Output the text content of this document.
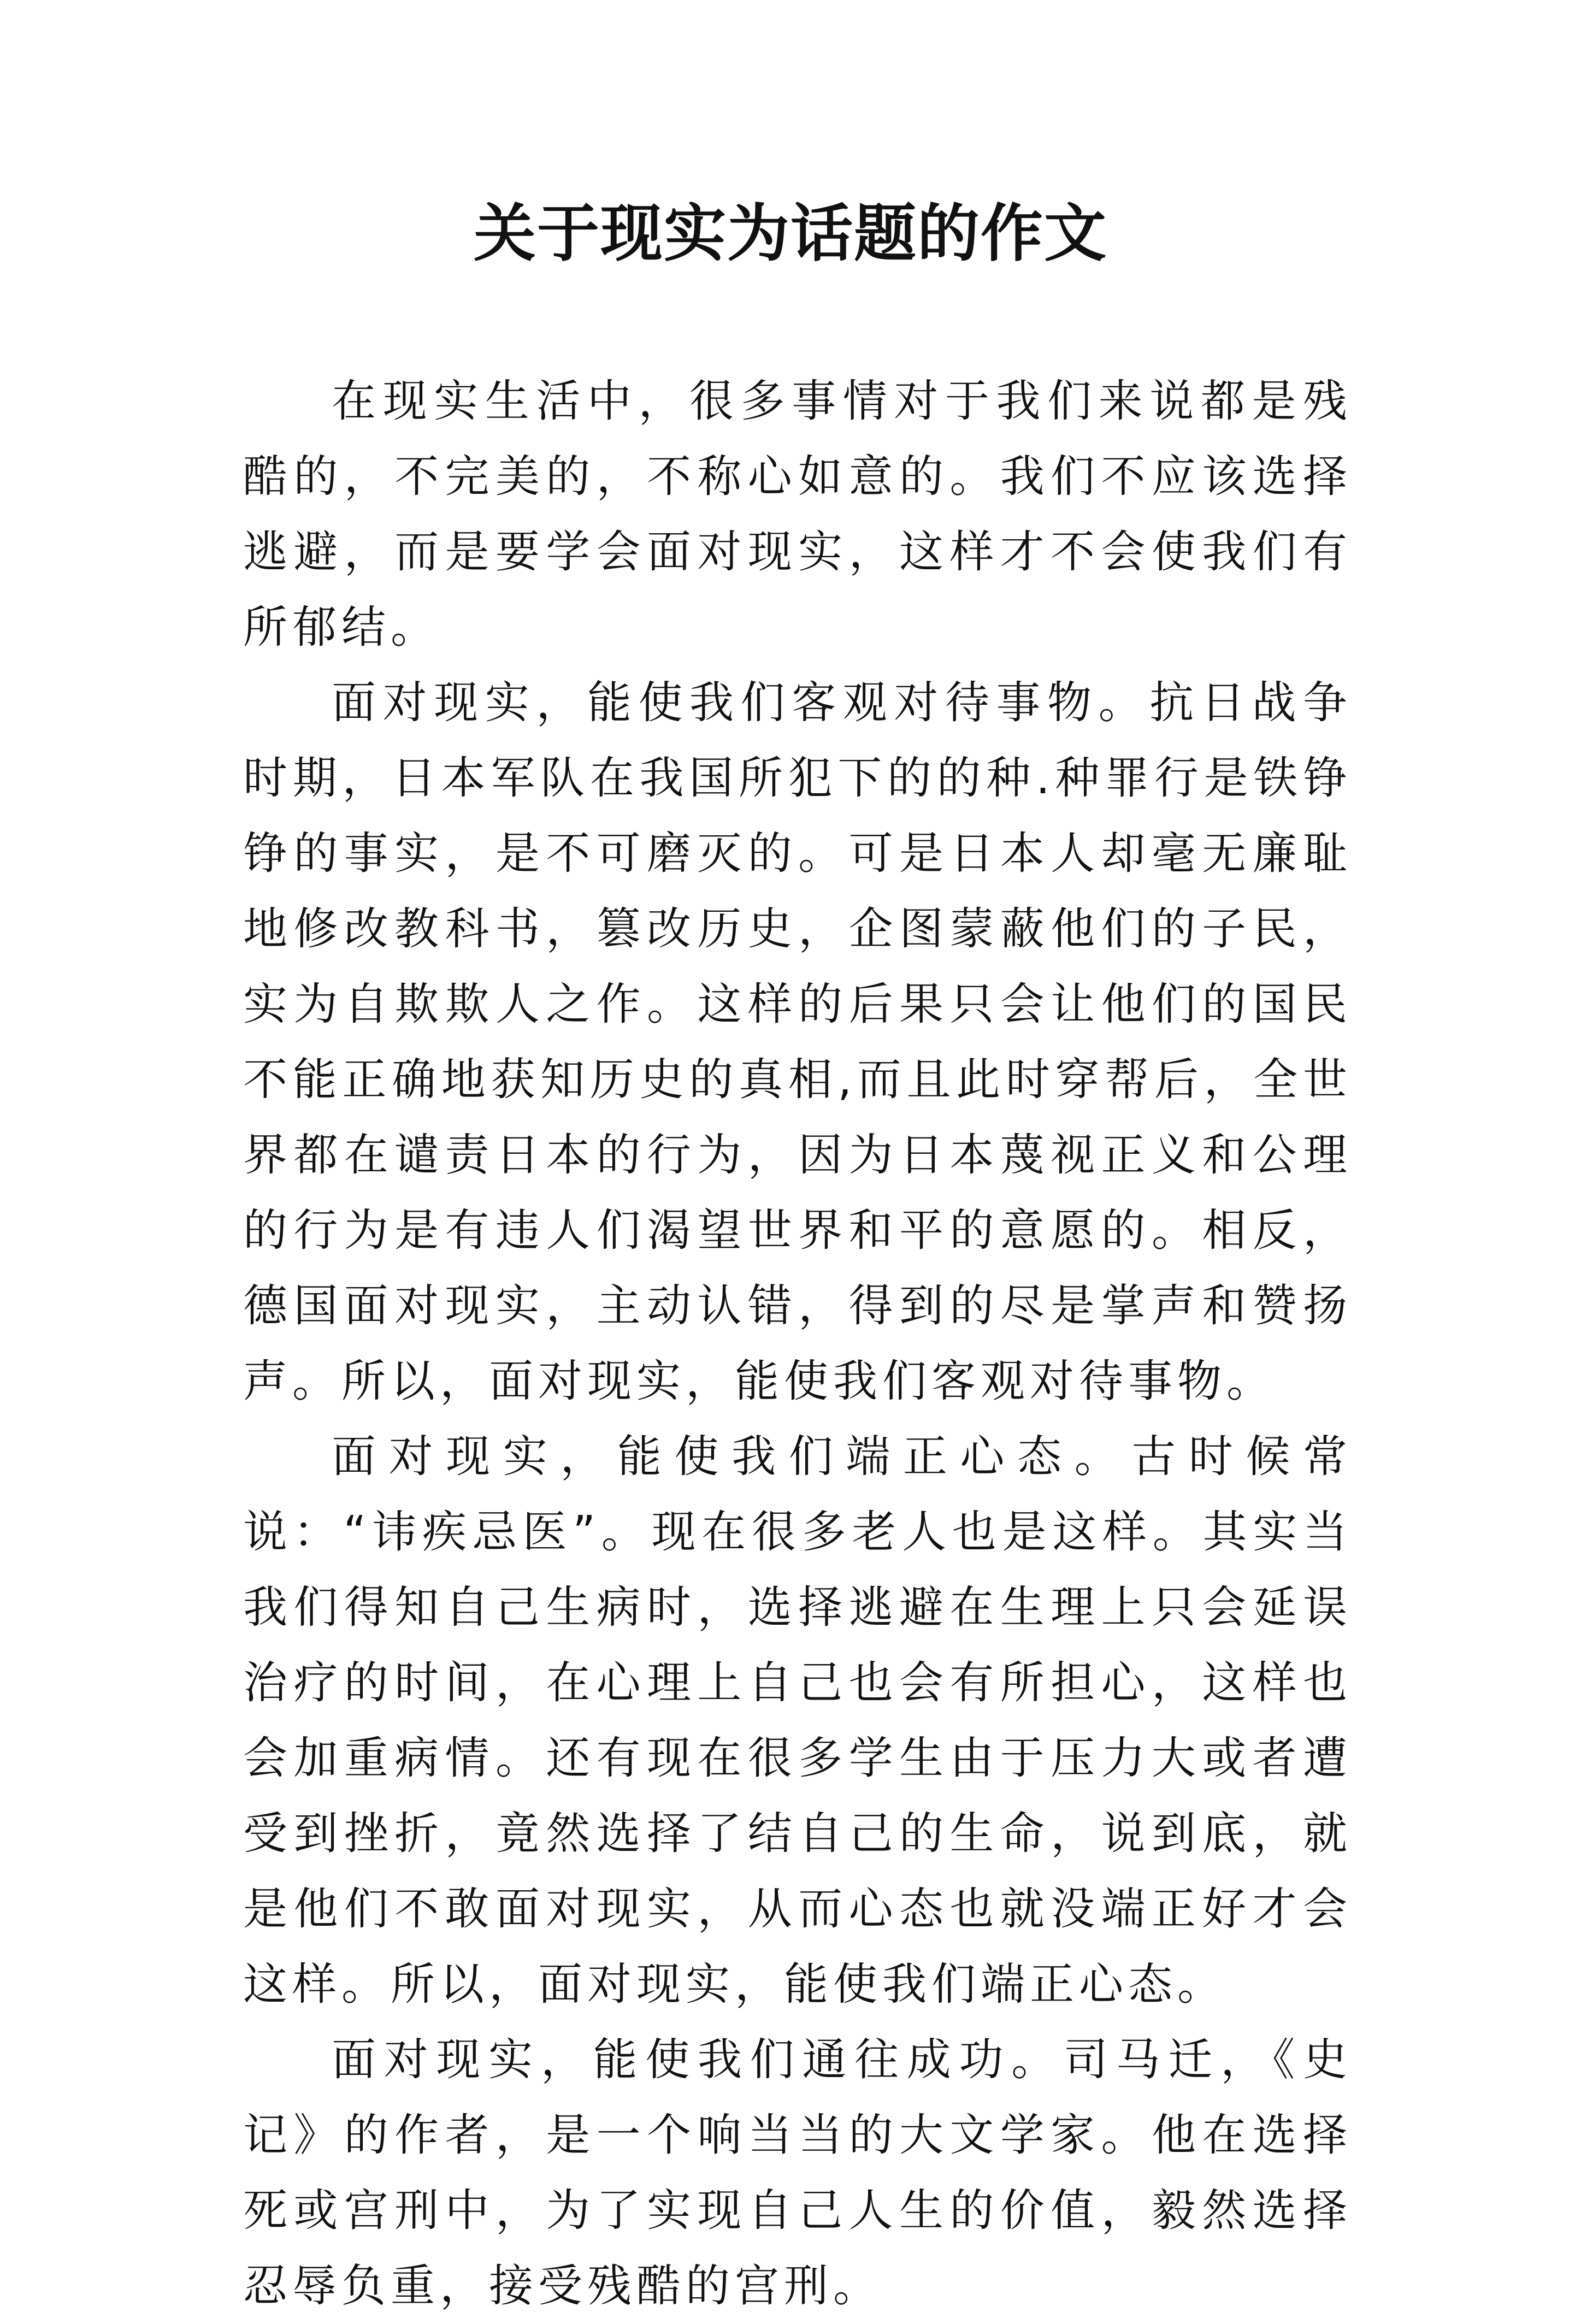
关于现实为话题的作文

在现实生活中，很多事情对于我们来说都是残酷的，不完美的，不称心如意的。我们不应该选择逃避，而是要学会面对现实，这样才不会使我们有所郁结。

面对现实，能使我们客观对待事物。抗日战争时期，日本军队在我国所犯下的的种.种罪行是铁铮铮的事实，是不可磨灭的。可是日本人却毫无廉耻地修改教科书，篡改历史，企图蒙蔽他们的子民，实为自欺欺人之作。这样的后果只会让他们的国民不能正确地获知历史的真相,而且此时穿帮后，全世界都在谴责日本的行为，因为日本蔑视正义和公理的行为是有违人们渴望世界和平的意愿的。相反，德国面对现实，主动认错，得到的尽是掌声和赞扬声。所以，面对现实，能使我们客观对待事物。

面对现实，能使我们端正心态。古时候常说：“讳疾忌医”。现在很多老人也是这样。其实当我们得知自己生病时，选择逃避在生理上只会延误治疗的时间，在心理上自己也会有所担心，这样也会加重病情。还有现在很多学生由于压力大或者遭受到挫折，竟然选择了结自己的生命，说到底，就是他们不敢面对现实，从而心态也就没端正好才会这样。所以，面对现实，能使我们端正心态。

面对现实，能使我们通往成功。司马迁，《史记》的作者，是一个响当当的大文学家。他在选择死或宫刑中，为了实现自己人生的价值，毅然选择忍辱负重，接受残酷的宫刑。
